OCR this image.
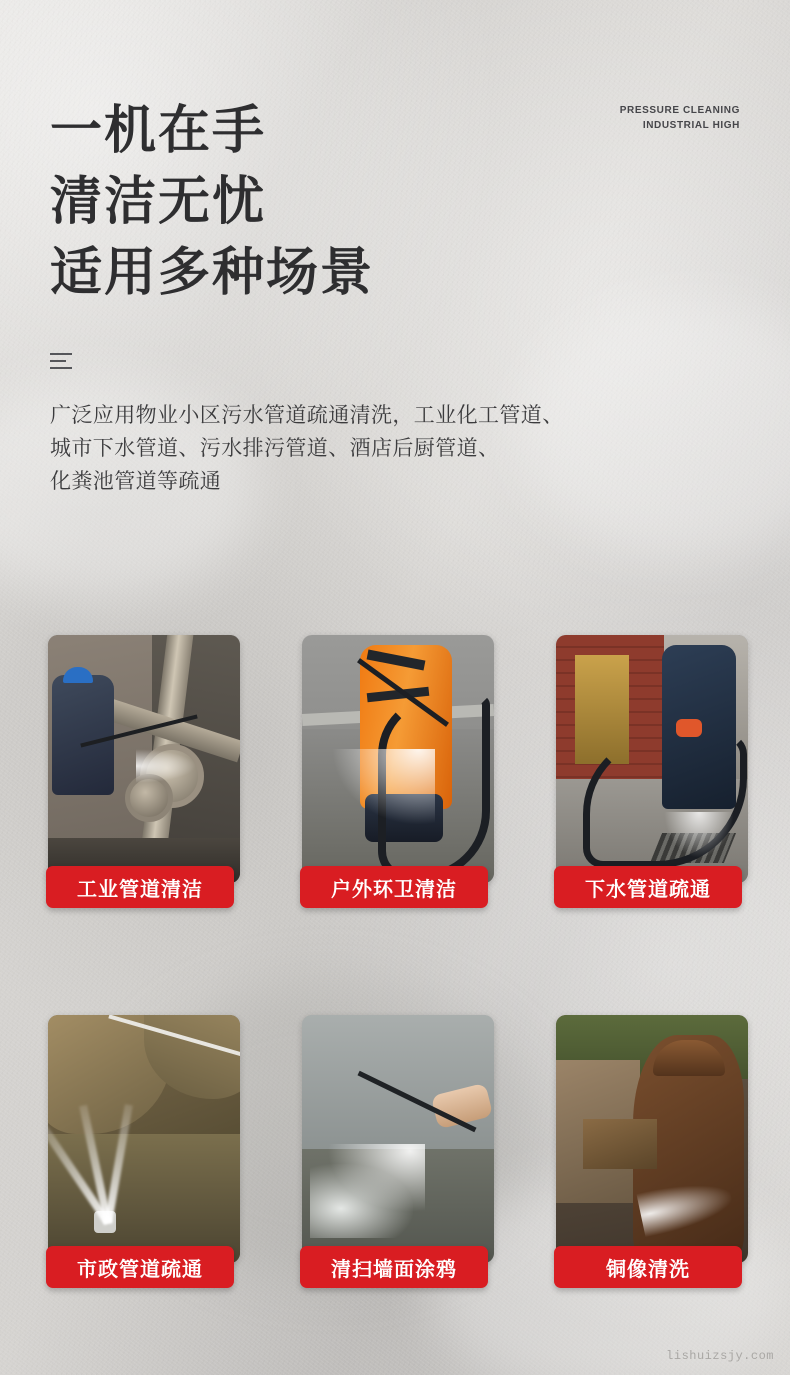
PRESSURE CLEANING
INDUSTRIAL HIGH
一机在手
清洁无忧
适用多种场景
广泛应用物业小区污水管道疏通清洗，工业化工管道、
城市下水管道、污水排污管道、酒店后厨管道、
化粪池管道等疏通
工业管道清洁	户外环卫清洁	下水管道疏通
市政管道疏通	清扫墙面涂鸦	铜像清洗
lishuizsjy.com
